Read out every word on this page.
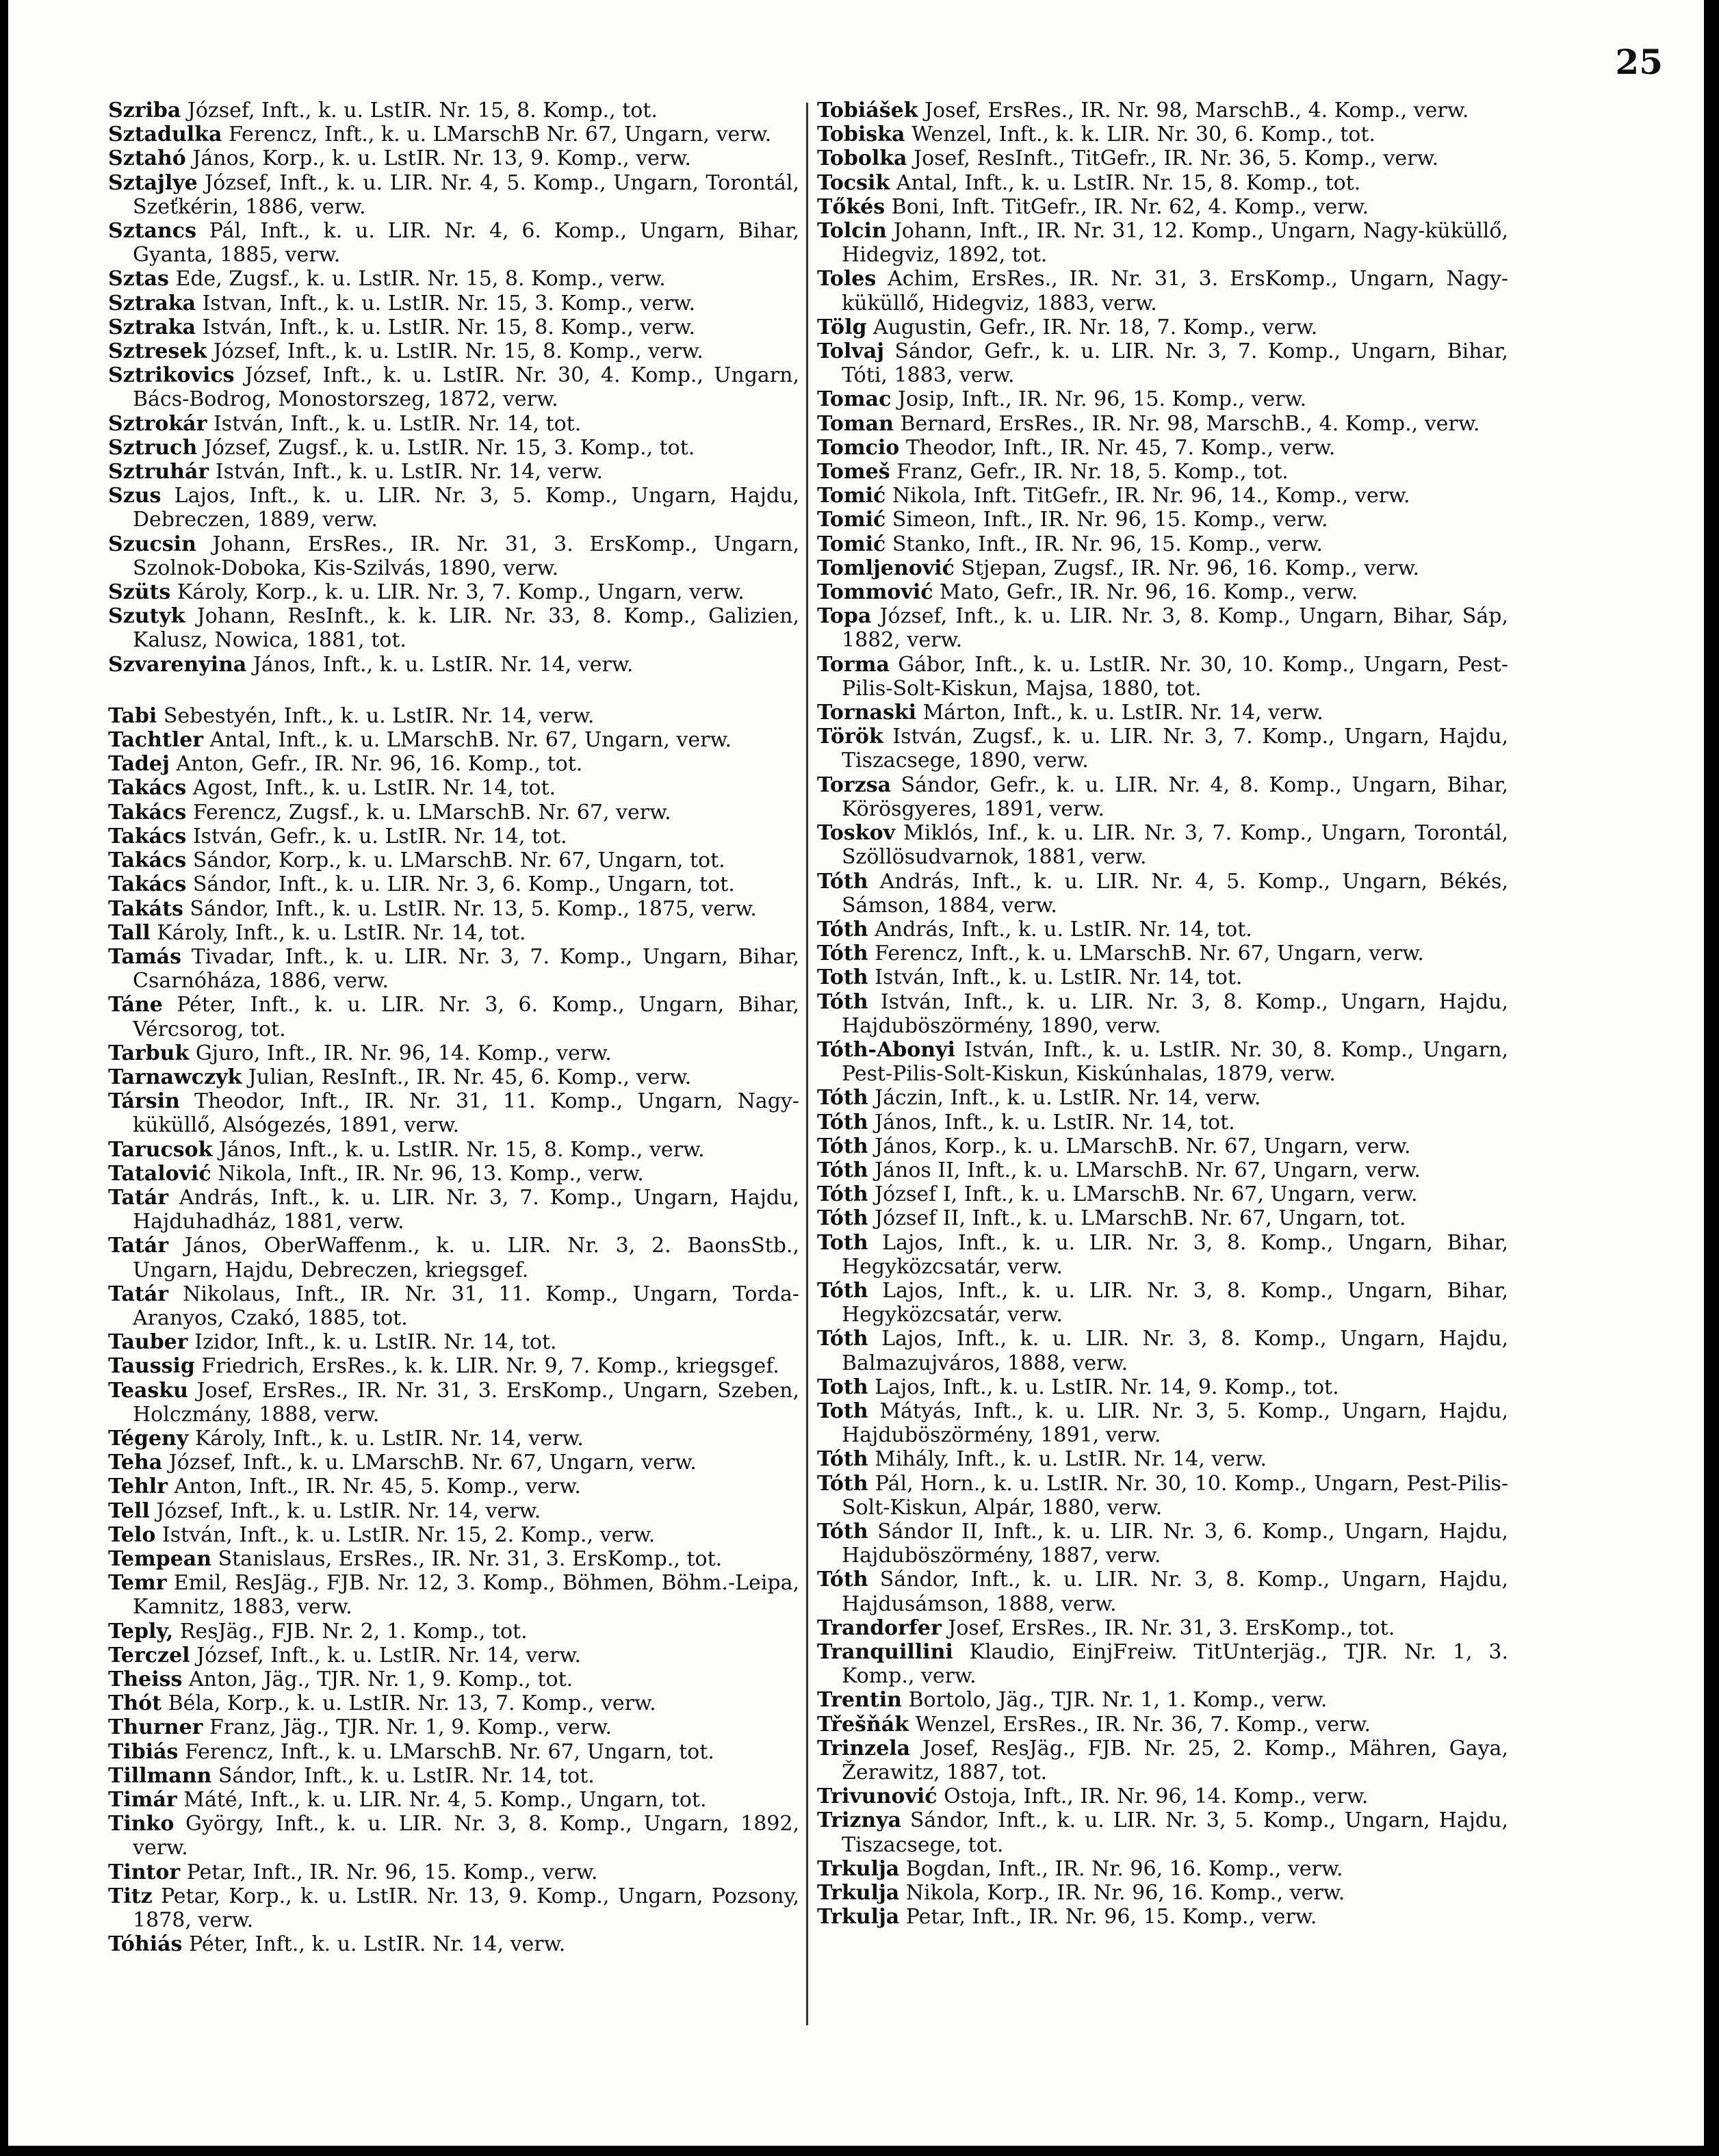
25
Szriba József, Inft., k. u. LstIR. Nr. 15, 8. Komp., tot.
Sztadulka Ferencz, Inft., k. u. LMarschB Nr. 67, Ungarn, verw.
Sztahó János, Korp., k. u. LstIR. Nr. 13, 9. Komp., verw.
Sztajlye József, Inft., k. u. LIR. Nr. 4, 5. Komp., Ungarn, Torontál, Szeťkérin, 1886, verw.
Sztancs Pál, Inft., k. u. LIR. Nr. 4, 6. Komp., Ungarn, Bihar, Gyanta, 1885, verw.
Sztas Ede, Zugsf., k. u. LstIR. Nr. 15, 8. Komp., verw.
Sztraka Istvan, Inft., k. u. LstIR. Nr. 15, 3. Komp., verw.
Sztraka István, Inft., k. u. LstIR. Nr. 15, 8. Komp., verw.
Sztresek József, Inft., k. u. LstIR. Nr. 15, 8. Komp., verw.
Sztrikovics József, Inft., k. u. LstIR. Nr. 30, 4. Komp., Ungarn, Bács-Bodrog, Monostorszeg, 1872, verw.
Sztrokár István, Inft., k. u. LstIR. Nr. 14, tot.
Sztruch József, Zugsf., k. u. LstIR. Nr. 15, 3. Komp., tot.
Sztruhár István, Inft., k. u. LstIR. Nr. 14, verw.
Szus Lajos, Inft., k. u. LIR. Nr. 3, 5. Komp., Ungarn, Hajdu, Debreczen, 1889, verw.
Szucsin Johann, ErsRes., IR. Nr. 31, 3. ErsKomp., Ungarn, Szolnok-Doboka, Kis-Szilvás, 1890, verw.
Szüts Károly, Korp., k. u. LIR. Nr. 3, 7. Komp., Ungarn, verw.
Szutyk Johann, ResInft., k. k. LIR. Nr. 33, 8. Komp., Galizien, Kalusz, Nowica, 1881, tot.
Szvarenyina János, Inft., k. u. LstIR. Nr. 14, verw.
Tabi Sebestyén, Inft., k. u. LstIR. Nr. 14, verw.
Tachtler Antal, Inft., k. u. LMarschB. Nr. 67, Ungarn, verw.
Tadej Anton, Gefr., IR. Nr. 96, 16. Komp., tot.
Takács Agost, Inft., k. u. LstIR. Nr. 14, tot.
Takács Ferencz, Zugsf., k. u. LMarschB. Nr. 67, verw.
Takács István, Gefr., k. u. LstIR. Nr. 14, tot.
Takács Sándor, Korp., k. u. LMarschB. Nr. 67, Ungarn, tot.
Takács Sándor, Inft., k. u. LIR. Nr. 3, 6. Komp., Ungarn, tot.
Takáts Sándor, Inft., k. u. LstIR. Nr. 13, 5. Komp., 1875, verw.
Tall Károly, Inft., k. u. LstIR. Nr. 14, tot.
Tamás Tivadar, Inft., k. u. LIR. Nr. 3, 7. Komp., Ungarn, Bihar, Csarnóháza, 1886, verw.
Táne Péter, Inft., k. u. LIR. Nr. 3, 6. Komp., Ungarn, Bihar, Vércsorog, tot.
Tarbuk Gjuro, Inft., IR. Nr. 96, 14. Komp., verw.
Tarnawczyk Julian, ResInft., IR. Nr. 45, 6. Komp., verw.
Társin Theodor, Inft., IR. Nr. 31, 11. Komp., Ungarn, Nagy-küküllő, Alsógezés, 1891, verw.
Tarucsok János, Inft., k. u. LstIR. Nr. 15, 8. Komp., verw.
Tatalović Nikola, Inft., IR. Nr. 96, 13. Komp., verw.
Tatár András, Inft., k. u. LIR. Nr. 3, 7. Komp., Ungarn, Hajdu, Hajduhadház, 1881, verw.
Tatár János, OberWaffenm., k. u. LIR. Nr. 3, 2. BaonsStb., Ungarn, Hajdu, Debreczen, kriegsgef.
Tatár Nikolaus, Inft., IR. Nr. 31, 11. Komp., Ungarn, Torda-Aranyos, Czakó, 1885, tot.
Tauber Izidor, Inft., k. u. LstIR. Nr. 14, tot.
Taussig Friedrich, ErsRes., k. k. LIR. Nr. 9, 7. Komp., kriegsgef.
Teasku Josef, ErsRes., IR. Nr. 31, 3. ErsKomp., Ungarn, Szeben, Holczmány, 1888, verw.
Tégeny Károly, Inft., k. u. LstIR. Nr. 14, verw.
Teha József, Inft., k. u. LMarschB. Nr. 67, Ungarn, verw.
Tehlr Anton, Inft., IR. Nr. 45, 5. Komp., verw.
Tell József, Inft., k. u. LstIR. Nr. 14, verw.
Telo István, Inft., k. u. LstIR. Nr. 15, 2. Komp., verw.
Tempean Stanislaus, ErsRes., IR. Nr. 31, 3. ErsKomp., tot.
Temr Emil, ResJäg., FJB. Nr. 12, 3. Komp., Böhmen, Böhm.-Leipa, Kamnitz, 1883, verw.
Teply, ResJäg., FJB. Nr. 2, 1. Komp., tot.
Terczel József, Inft., k. u. LstIR. Nr. 14, verw.
Theiss Anton, Jäg., TJR. Nr. 1, 9. Komp., tot.
Thót Béla, Korp., k. u. LstIR. Nr. 13, 7. Komp., verw.
Thurner Franz, Jäg., TJR. Nr. 1, 9. Komp., verw.
Tibiás Ferencz, Inft., k. u. LMarschB. Nr. 67, Ungarn, tot.
Tillmann Sándor, Inft., k. u. LstIR. Nr. 14, tot.
Timár Máté, Inft., k. u. LIR. Nr. 4, 5. Komp., Ungarn, tot.
Tinko György, Inft., k. u. LIR. Nr. 3, 8. Komp., Ungarn, 1892, verw.
Tintor Petar, Inft., IR. Nr. 96, 15. Komp., verw.
Titz Petar, Korp., k. u. LstIR. Nr. 13, 9. Komp., Ungarn, Pozsony, 1878, verw.
Tóhiás Péter, Inft., k. u. LstIR. Nr. 14, verw.
Tobiášek Josef, ErsRes., IR. Nr. 98, MarschB., 4. Komp., verw.
Tobiska Wenzel, Inft., k. k. LIR. Nr. 30, 6. Komp., tot.
Tobolka Josef, ResInft., TitGefr., IR. Nr. 36, 5. Komp., verw.
Tocsik Antal, Inft., k. u. LstIR. Nr. 15, 8. Komp., tot.
Tőkés Boni, Inft. TitGefr., IR. Nr. 62, 4. Komp., verw.
Tolcin Johann, Inft., IR. Nr. 31, 12. Komp., Ungarn, Nagy-küküllő, Hidegviz, 1892, tot.
Toles Achim, ErsRes., IR. Nr. 31, 3. ErsKomp., Ungarn, Nagy-küküllő, Hidegviz, 1883, verw.
Tölg Augustin, Gefr., IR. Nr. 18, 7. Komp., verw.
Tolvaj Sándor, Gefr., k. u. LIR. Nr. 3, 7. Komp., Ungarn, Bihar, Tóti, 1883, verw.
Tomac Josip, Inft., IR. Nr. 96, 15. Komp., verw.
Toman Bernard, ErsRes., IR. Nr. 98, MarschB., 4. Komp., verw.
Tomcio Theodor, Inft., IR. Nr. 45, 7. Komp., verw.
Tomeš Franz, Gefr., IR. Nr. 18, 5. Komp., tot.
Tomić Nikola, Inft. TitGefr., IR. Nr. 96, 14., Komp., verw.
Tomić Simeon, Inft., IR. Nr. 96, 15. Komp., verw.
Tomić Stanko, Inft., IR. Nr. 96, 15. Komp., verw.
Tomljenović Stjepan, Zugsf., IR. Nr. 96, 16. Komp., verw.
Tommović Mato, Gefr., IR. Nr. 96, 16. Komp., verw.
Topa József, Inft., k. u. LIR. Nr. 3, 8. Komp., Ungarn, Bihar, Sáp, 1882, verw.
Torma Gábor, Inft., k. u. LstIR. Nr. 30, 10. Komp., Ungarn, Pest-Pilis-Solt-Kiskun, Majsa, 1880, tot.
Tornaski Márton, Inft., k. u. LstIR. Nr. 14, verw.
Török István, Zugsf., k. u. LIR. Nr. 3, 7. Komp., Ungarn, Hajdu, Tiszacsege, 1890, verw.
Torzsa Sándor, Gefr., k. u. LIR. Nr. 4, 8. Komp., Ungarn, Bihar, Körösgyeres, 1891, verw.
Toskov Miklós, Inf., k. u. LIR. Nr. 3, 7. Komp., Ungarn, Torontál, Szöllösudvarnok, 1881, verw.
Tóth András, Inft., k. u. LIR. Nr. 4, 5. Komp., Ungarn, Békés, Sámson, 1884, verw.
Tóth András, Inft., k. u. LstIR. Nr. 14, tot.
Tóth Ferencz, Inft., k. u. LMarschB. Nr. 67, Ungarn, verw.
Toth István, Inft., k. u. LstIR. Nr. 14, tot.
Tóth István, Inft., k. u. LIR. Nr. 3, 8. Komp., Ungarn, Hajdu, Hajduböszörmény, 1890, verw.
Tóth-Abonyi István, Inft., k. u. LstIR. Nr. 30, 8. Komp., Ungarn, Pest-Pilis-Solt-Kiskun, Kiskúnhalas, 1879, verw.
Tóth Jáczin, Inft., k. u. LstIR. Nr. 14, verw.
Tóth János, Inft., k. u. LstIR. Nr. 14, tot.
Tóth János, Korp., k. u. LMarschB. Nr. 67, Ungarn, verw.
Tóth János II, Inft., k. u. LMarschB. Nr. 67, Ungarn, verw.
Tóth József I, Inft., k. u. LMarschB. Nr. 67, Ungarn, verw.
Tóth József II, Inft., k. u. LMarschB. Nr. 67, Ungarn, tot.
Toth Lajos, Inft., k. u. LIR. Nr. 3, 8. Komp., Ungarn, Bihar, Hegyközcsatár, verw.
Tóth Lajos, Inft., k. u. LIR. Nr. 3, 8. Komp., Ungarn, Bihar, Hegyközcsatár, verw.
Tóth Lajos, Inft., k. u. LIR. Nr. 3, 8. Komp., Ungarn, Hajdu, Balmazujváros, 1888, verw.
Toth Lajos, Inft., k. u. LstIR. Nr. 14, 9. Komp., tot.
Toth Mátyás, Inft., k. u. LIR. Nr. 3, 5. Komp., Ungarn, Hajdu, Hajduböszörmény, 1891, verw.
Tóth Mihály, Inft., k. u. LstIR. Nr. 14, verw.
Tóth Pál, Horn., k. u. LstIR. Nr. 30, 10. Komp., Ungarn, Pest-Pilis-Solt-Kiskun, Alpár, 1880, verw.
Tóth Sándor II, Inft., k. u. LIR. Nr. 3, 6. Komp., Ungarn, Hajdu, Hajduböszörmény, 1887, verw.
Tóth Sándor, Inft., k. u. LIR. Nr. 3, 8. Komp., Ungarn, Hajdu, Hajdusámson, 1888, verw.
Trandorfer Josef, ErsRes., IR. Nr. 31, 3. ErsKomp., tot.
Tranquillini Klaudio, EinjFreiw. TitUnterjäg., TJR. Nr. 1, 3. Komp., verw.
Trentin Bortolo, Jäg., TJR. Nr. 1, 1. Komp., verw.
Třešňák Wenzel, ErsRes., IR. Nr. 36, 7. Komp., verw.
Trinzela Josef, ResJäg., FJB. Nr. 25, 2. Komp., Mähren, Gaya, Žerawitz, 1887, tot.
Trivunović Ostoja, Inft., IR. Nr. 96, 14. Komp., verw.
Triznya Sándor, Inft., k. u. LIR. Nr. 3, 5. Komp., Ungarn, Hajdu, Tiszacsege, tot.
Trkulja Bogdan, Inft., IR. Nr. 96, 16. Komp., verw.
Trkulja Nikola, Korp., IR. Nr. 96, 16. Komp., verw.
Trkulja Petar, Inft., IR. Nr. 96, 15. Komp., verw.
